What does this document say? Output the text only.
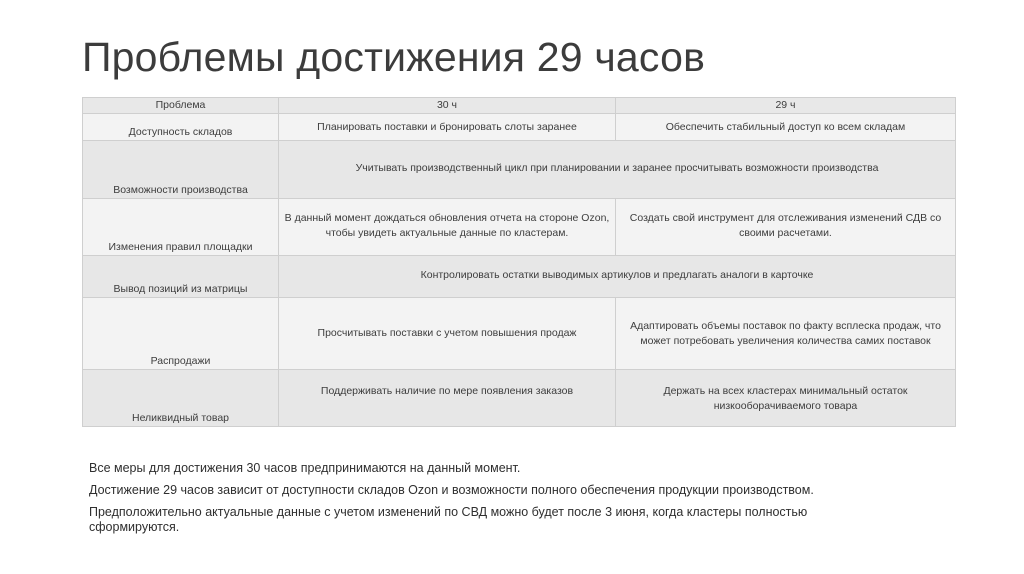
Проблемы достижения 29 часов
Проблема	30 ч	29 ч
Доступность складов	Планировать поставки и бронировать слоты заранее	Обеспечить стабильный доступ ко всем складам
Возможности производства	Учитывать производственный цикл при планировании и заранее просчитывать возможности производства	
Изменения правил площадки	В данный момент дождаться обновления отчета на стороне Ozon, чтобы увидеть актуальные данные по кластерам.	Создать свой инструмент для отслеживания изменений СДВ со своими расчетами.
Вывод позиций из матрицы	Контролировать остатки выводимых артикулов и предлагать аналоги в карточке	
Распродажи	Просчитывать поставки с учетом повышения продаж	Адаптировать объемы поставок по факту всплеска продаж, что может потребовать увеличения количества самих поставок
Неликвидный товар	Поддерживать наличие по мере появления заказов	Держать на всех кластерах минимальный остаток низкооборачиваемого товара

Все меры для достижения 30 часов предпринимаются на данный момент.

Достижение 29 часов зависит от доступности складов Ozon и возможности полного обеспечения продукции производством.

Предположительно актуальные данные с учетом изменений по СВД можно будет после 3 июня, когда кластеры полностью сформируются.
